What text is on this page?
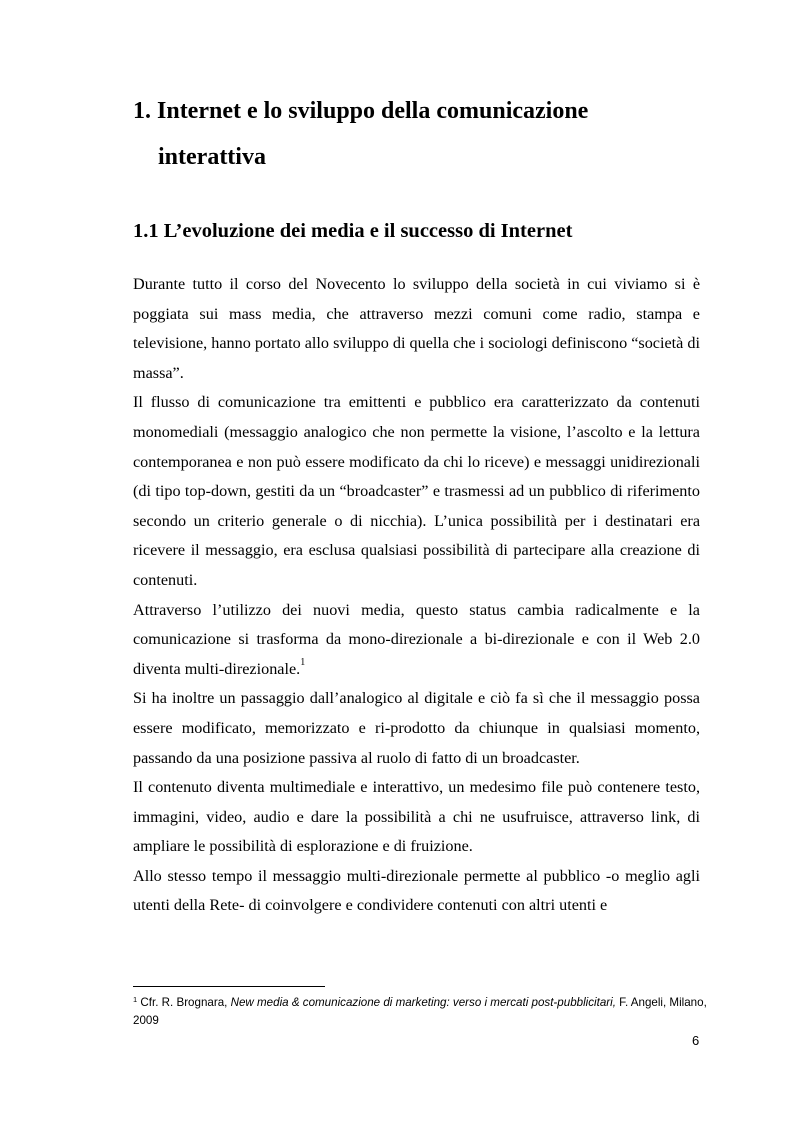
1. Internet e lo sviluppo della comunicazione
interattiva
1.1 L’evoluzione dei media e il successo di Internet

Durante tutto il corso del Novecento lo sviluppo della società in cui viviamo si è poggiata sui mass media, che attraverso mezzi comuni come radio, stampa e televisione, hanno portato allo sviluppo di quella che i sociologi definiscono “società di massa”.

Il flusso di comunicazione tra emittenti e pubblico era caratterizzato da contenuti monomediali (messaggio analogico che non permette la visione, l’ascolto e la lettura contemporanea e non può essere modificato da chi lo riceve) e messaggi unidirezionali (di tipo top-down, gestiti da un “broadcaster” e trasmessi ad un pubblico di riferimento secondo un criterio generale o di nicchia). L’unica possibilità per i destinatari era ricevere il messaggio, era esclusa qualsiasi possibilità di partecipare alla creazione di contenuti.

Attraverso l’utilizzo dei nuovi media, questo status cambia radicalmente e la comunicazione si trasforma da mono-direzionale a bi-direzionale e con il Web 2.0 diventa multi-direzionale.$^1$

Si ha inoltre un passaggio dall’analogico al digitale e ciò fa sì che il messaggio possa essere modificato, memorizzato e ri-prodotto da chiunque in qualsiasi momento, passando da una posizione passiva al ruolo di fatto di un broadcaster.

Il contenuto diventa multimediale e interattivo, un medesimo file può contenere testo, immagini, video, audio e dare la possibilità a chi ne usufruisce, attraverso link, di ampliare le possibilità di esplorazione e di fruizione.

Allo stesso tempo il messaggio multi-direzionale permette al pubblico -o meglio agli utenti della Rete- di coinvolgere e condividere contenuti con altri utenti e

$^1$ Cfr. R. Brognara, New media & comunicazione di marketing: verso i mercati post-pubblicitari, F. Angeli, Milano, 2009

6
